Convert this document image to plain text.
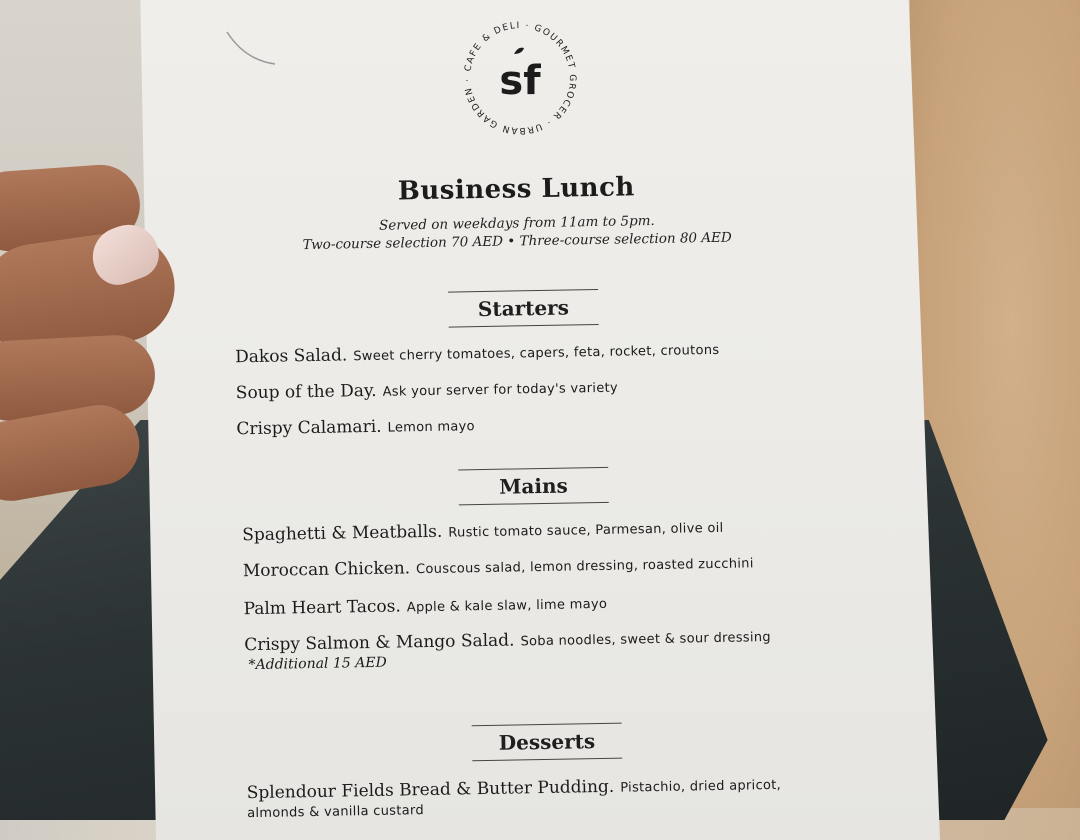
CAFE & DELI · GOURMET GROCER · URBAN GARDEN · sf
Business Lunch
Served on weekdays from 11am to 5pm.
Two-course selection 70 AED • Three-course selection 80 AED
Starters
Dakos Salad. Sweet cherry tomatoes, capers, feta, rocket, croutons
Soup of the Day. Ask your server for today's variety
Crispy Calamari. Lemon mayo
Mains
Spaghetti & Meatballs. Rustic tomato sauce, Parmesan, olive oil
Moroccan Chicken. Couscous salad, lemon dressing, roasted zucchini
Palm Heart Tacos. Apple & kale slaw, lime mayo
Crispy Salmon & Mango Salad. Soba noodles, sweet & sour dressing
*Additional 15 AED
Desserts
Splendour Fields Bread & Butter Pudding. Pistachio, dried apricot,
almonds & vanilla custard
